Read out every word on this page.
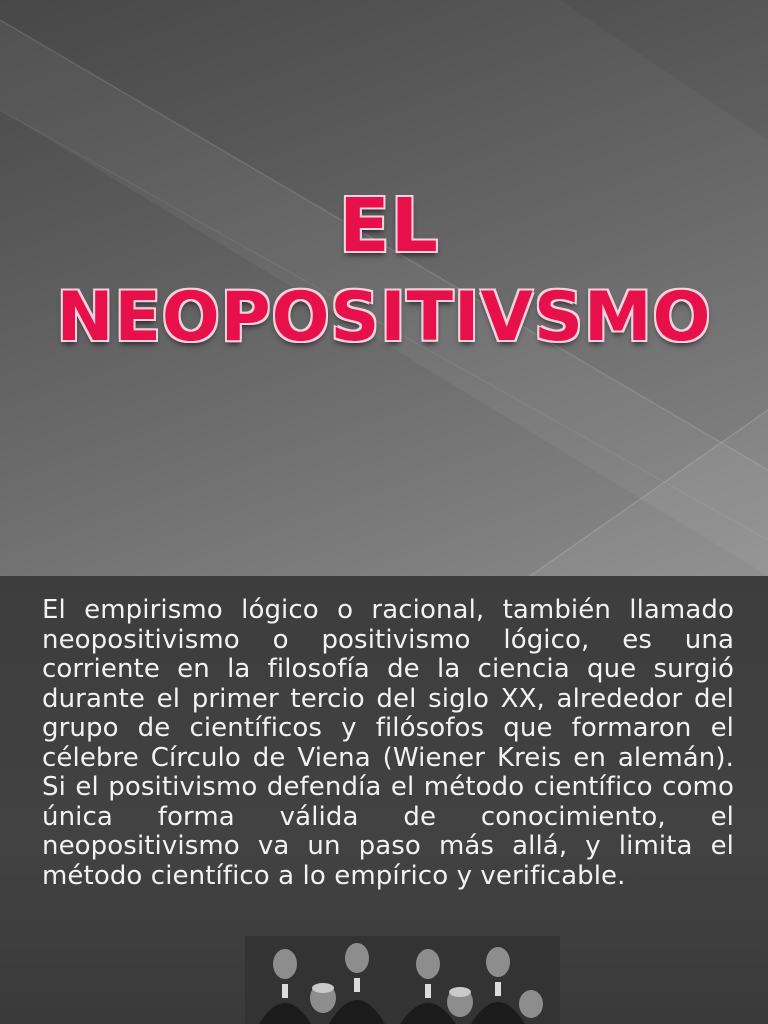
EL
NEOPOSITIVSMO

El empirismo lógico o racional, también llamado neopositivismo o positivismo lógico, es una corriente en la filosofía de la ciencia que surgió durante el primer tercio del siglo XX, alrededor del grupo de científicos y filósofos que formaron el célebre Círculo de Viena (Wiener Kreis en alemán). Si el positivismo defendía el método científico como única forma válida de conocimiento, el neopositivismo va un paso más allá, y limita el método científico a lo empírico y verificable.
